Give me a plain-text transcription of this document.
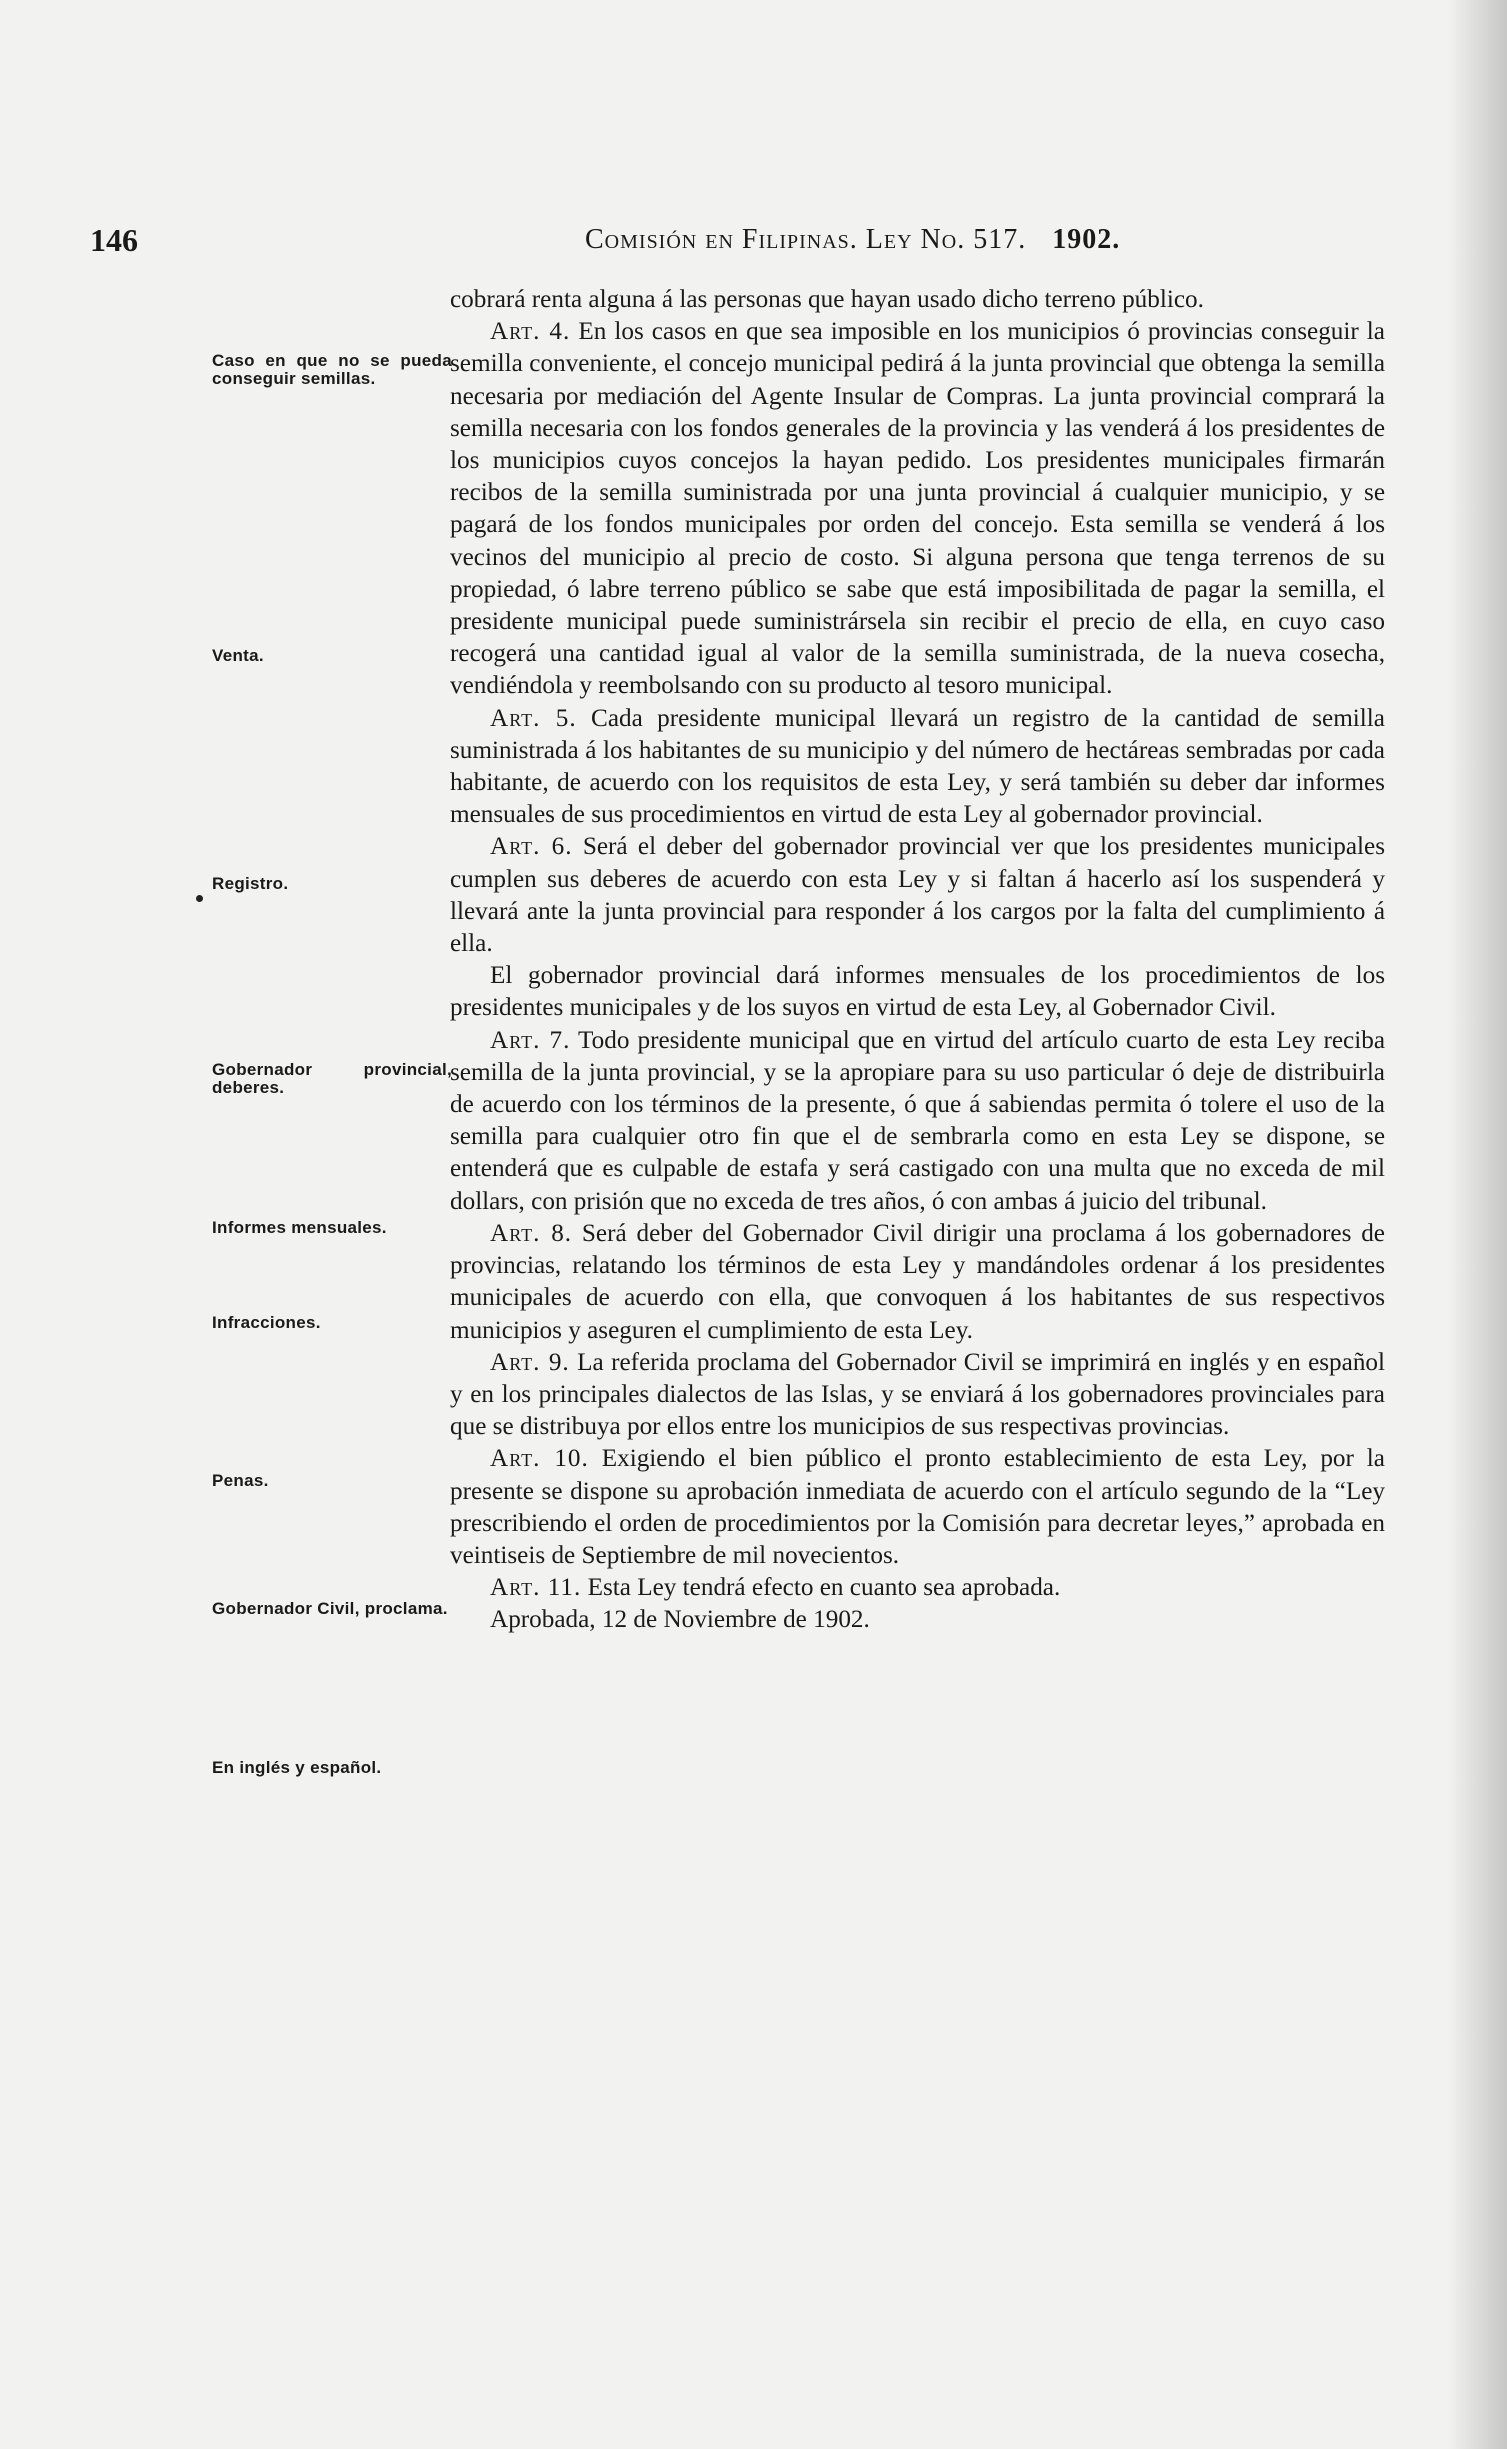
146	Comisión en Filipinas. Ley No. 517. 1902.
Caso en que no se pueda conseguir semillas.
Venta.
Registro.
Gobernador provincial, deberes.
Informes mensuales.
Infracciones.
Penas.
Gobernador Civil, proclama.
En inglés y español.

cobrará renta alguna á las personas que hayan usado dicho terreno público.

Art. 4. En los casos en que sea imposible en los municipios ó provincias conseguir la semilla conveniente, el concejo municipal pedirá á la junta provincial que obtenga la semilla necesaria por mediación del Agente Insular de Compras. La junta provincial comprará la semilla necesaria con los fondos generales de la provincia y las venderá á los presidentes de los municipios cuyos concejos la hayan pedido. Los presidentes municipales firmarán recibos de la semilla suministrada por una junta provincial á cualquier municipio, y se pagará de los fondos municipales por orden del concejo. Esta semilla se venderá á los vecinos del municipio al precio de costo. Si alguna persona que tenga terrenos de su propiedad, ó labre terreno público se sabe que está imposibilitada de pagar la semilla, el presidente municipal puede suministrársela sin recibir el precio de ella, en cuyo caso recogerá una cantidad igual al valor de la semilla suministrada, de la nueva cosecha, vendiéndola y reembolsando con su producto al tesoro municipal.

Art. 5. Cada presidente municipal llevará un registro de la cantidad de semilla suministrada á los habitantes de su municipio y del número de hectáreas sembradas por cada habitante, de acuerdo con los requisitos de esta Ley, y será también su deber dar informes mensuales de sus procedimientos en virtud de esta Ley al gobernador provincial.

Art. 6. Será el deber del gobernador provincial ver que los presidentes municipales cumplen sus deberes de acuerdo con esta Ley y si faltan á hacerlo así los suspenderá y llevará ante la junta provincial para responder á los cargos por la falta del cumplimiento á ella.

El gobernador provincial dará informes mensuales de los procedimientos de los presidentes municipales y de los suyos en virtud de esta Ley, al Gobernador Civil.

Art. 7. Todo presidente municipal que en virtud del artículo cuarto de esta Ley reciba semilla de la junta provincial, y se la apropiare para su uso particular ó deje de distribuirla de acuerdo con los términos de la presente, ó que á sabiendas permita ó tolere el uso de la semilla para cualquier otro fin que el de sembrarla como en esta Ley se dispone, se entenderá que es culpable de estafa y será castigado con una multa que no exceda de mil dollars, con prisión que no exceda de tres años, ó con ambas á juicio del tribunal.

Art. 8. Será deber del Gobernador Civil dirigir una proclama á los gobernadores de provincias, relatando los términos de esta Ley y mandándoles ordenar á los presidentes municipales de acuerdo con ella, que convoquen á los habitantes de sus respectivos municipios y aseguren el cumplimiento de esta Ley.

Art. 9. La referida proclama del Gobernador Civil se imprimirá en inglés y en español y en los principales dialectos de las Islas, y se enviará á los gobernadores provinciales para que se distribuya por ellos entre los municipios de sus respectivas provincias.

Art. 10. Exigiendo el bien público el pronto establecimiento de esta Ley, por la presente se dispone su aprobación inmediata de acuerdo con el artículo segundo de la “Ley prescribiendo el orden de procedimientos por la Comisión para decretar leyes,” aprobada en veintiseis de Septiembre de mil novecientos.

Art. 11. Esta Ley tendrá efecto en cuanto sea aprobada.

Aprobada, 12 de Noviembre de 1902.
